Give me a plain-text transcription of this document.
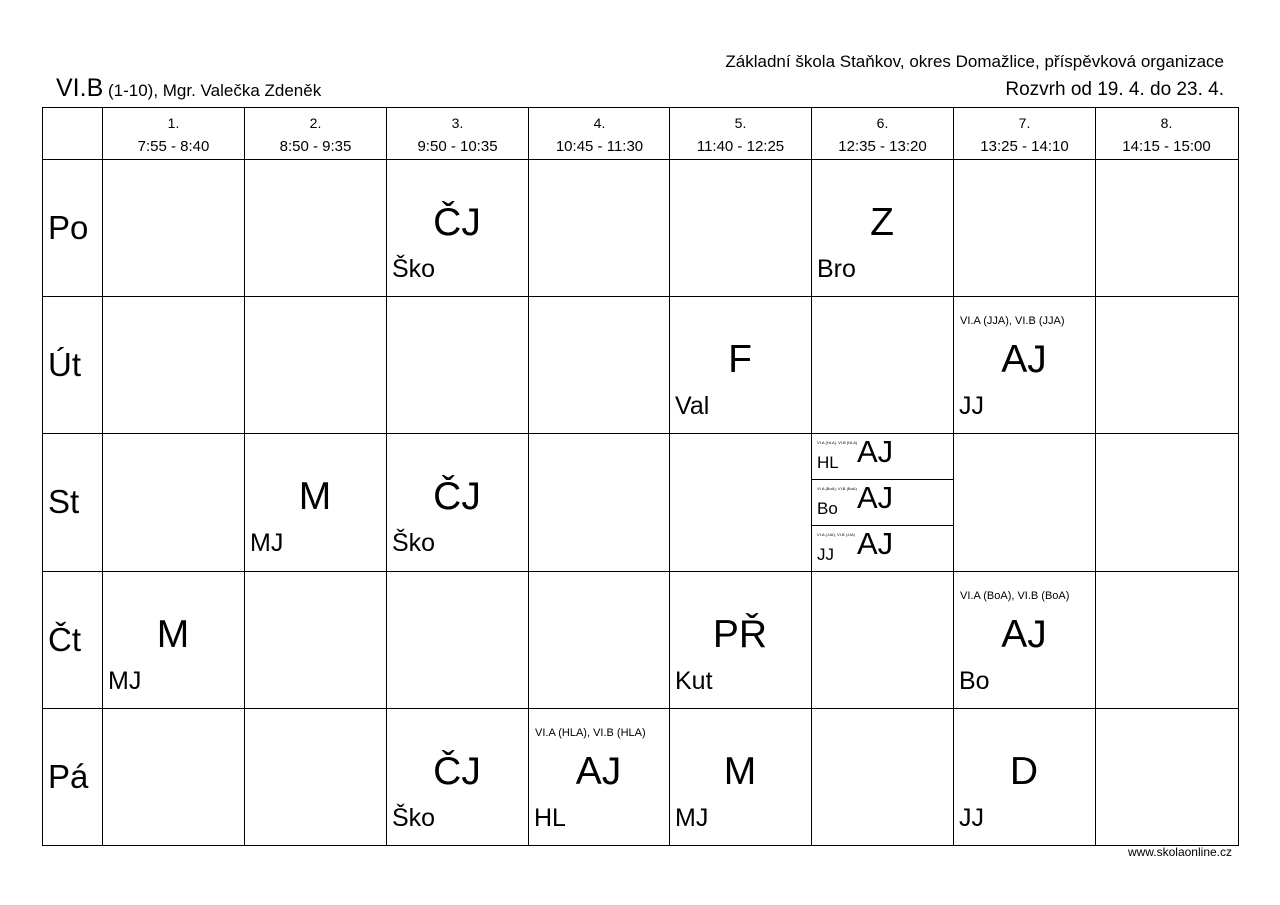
Základní škola Staňkov, okres Domažlice, příspěvková organizace
VI.B (1-10), Mgr. Valečka Zdeněk	Rozvrh od 19. 4. do 23. 4.
1.
7:55 - 8:40
2.
8:50 - 9:35
3.
9:50 - 10:35
4.
10:45 - 11:30
5.
11:40 - 12:25
6.
12:35 - 13:20
7.
13:25 - 14:10
8.
14:15 - 15:00
Po
Út
St
Čt
Pá
ČJ
Ško
Z
Bro
F
Val
VI.A (JJA), VI.B (JJA)
AJ
JJ
M
MJ
ČJ
Ško
VI.A (HLA), VI.B (HLA) AJ
HL
VI.A (BoA), VI.B (BoA) AJ
Bo
VI.A (JJA), VI.B (JJA) AJ
JJ
M
MJ
PŘ
Kut
VI.A (BoA), VI.B (BoA)
AJ
Bo
ČJ
Ško
VI.A (HLA), VI.B (HLA)
AJ
HL
M
MJ
D
JJ
www.skolaonline.cz
